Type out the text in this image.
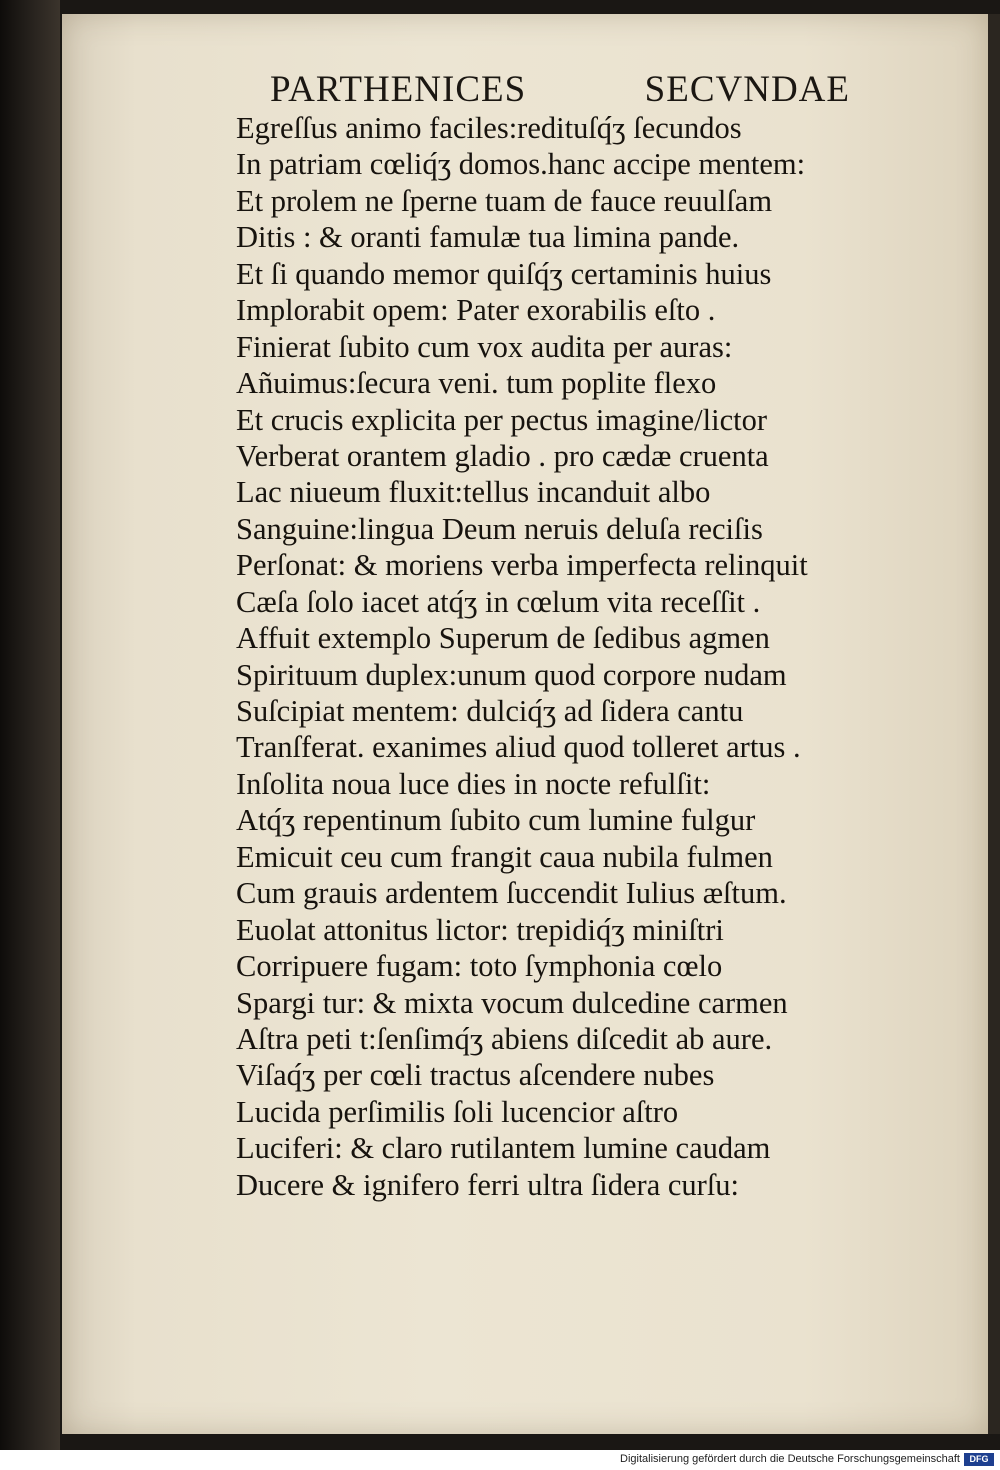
PARTHENICES	SECVNDAE
Egreſſus animo faciles:redituſq́ʒ ſecundos
In patriam cœliq́ʒ domos.hanc accipe mentem:
Et prolem ne ſperne tuam de fauce reuulſam
Ditis : & oranti famulæ tua limina pande.
Et ſi quando memor quiſq́ʒ certaminis huius
Implorabit opem: Pater exorabilis eſto .
Finierat ſubito cum vox audita per auras:
Añuimus:ſecura veni. tum poplite flexo
Et crucis explicita per pectus imagine/lictor
Verberat orantem gladio . pro cædæ cruenta
Lac niueum fluxit:tellus incanduit albo
Sanguine:lingua Deum neruis deluſa reciſis
Perſonat: & moriens verba imperfecta relinquit
Cæſa ſolo iacet atq́ʒ in cœlum vita receſſit .
Affuit extemplo Superum de ſedibus agmen
Spirituum duplex:unum quod corpore nudam
Suſcipiat mentem: dulciq́ʒ ad ſidera cantu
Tranſferat. exanimes aliud quod tolleret artus .
Inſolita noua luce dies in nocte refulſit:
Atq́ʒ repentinum ſubito cum lumine fulgur
Emicuit ceu cum frangit caua nubila fulmen
Cum grauis ardentem ſuccendit Iulius æſtum.
Euolat attonitus lictor: trepidiq́ʒ miniſtri
Corripuere fugam: toto ſymphonia cœlo
Spargi tur: & mixta vocum dulcedine carmen
Aſtra peti t:ſenſimq́ʒ abiens diſcedit ab aure.
Viſaq́ʒ per cœli tractus aſcendere nubes
Lucida perſimilis ſoli lucencior aſtro
Luciferi: & claro rutilantem lumine caudam
Ducere & ignifero ferri ultra ſidera curſu:
Digitalisierung gefördert durch die Deutsche Forschungsgemeinschaft	DFG
